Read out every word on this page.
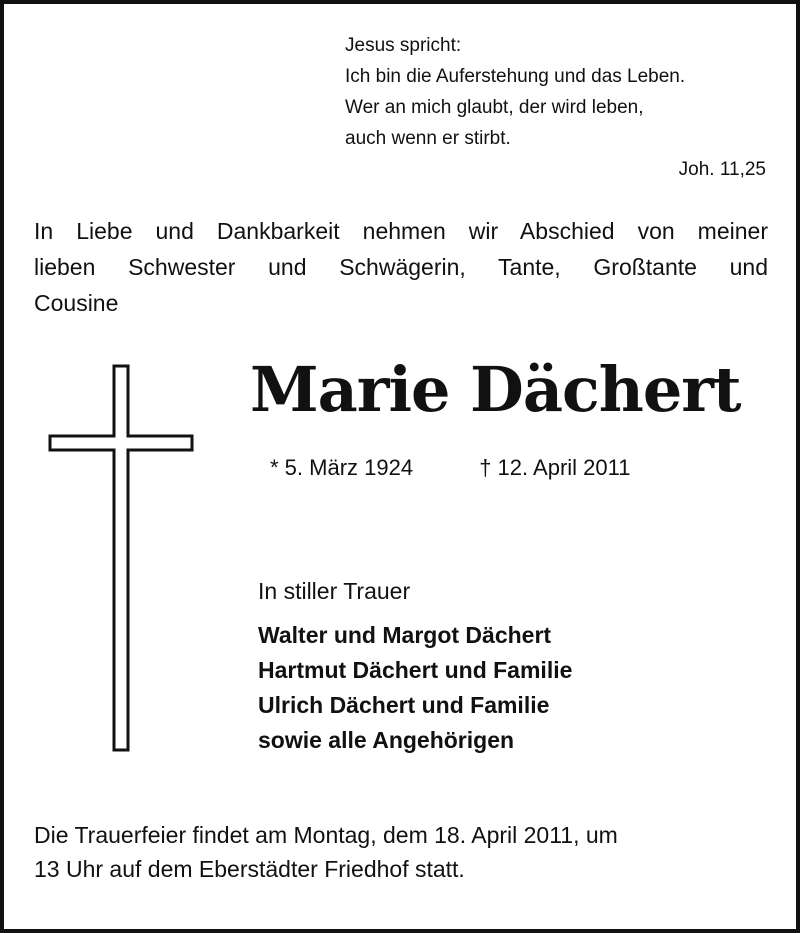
Jesus spricht:
Ich bin die Auferstehung und das Leben.
Wer an mich glaubt, der wird leben,
auch wenn er stirbt.
Joh. 11,25
In Liebe und Dankbarkeit nehmen wir Abschied von meiner
lieben Schwester und Schwägerin, Tante, Großtante und
Cousine
Marie Dächert
* 5. März 1924	† 12. April 2011
In stiller Trauer
Walter und Margot Dächert
Hartmut Dächert und Familie
Ulrich Dächert und Familie
sowie alle Angehörigen
Die Trauerfeier findet am Montag, dem 18. April 2011, um
13 Uhr auf dem Eberstädter Friedhof statt.
